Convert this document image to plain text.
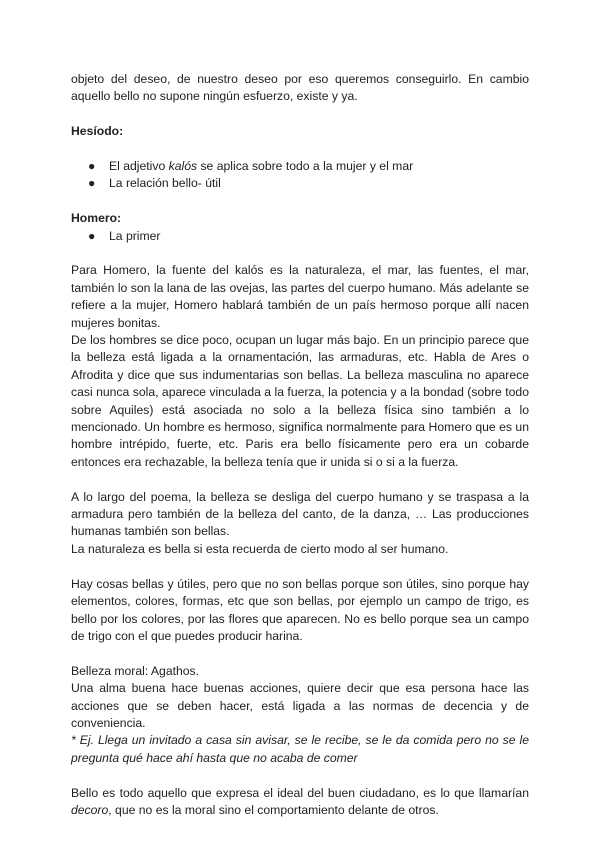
objeto del deseo, de nuestro deseo por eso queremos conseguirlo. En cambio

aquello bello no supone ningún esfuerzo, existe y ya.

Hesíodo:

● El adjetivo kalós se aplica sobre todo a la mujer y el mar
● La relación bello- útil

Homero:

● La primer

Para Homero, la fuente del kalós es la naturaleza, el mar, las fuentes, el mar, también lo son la lana de las ovejas, las partes del cuerpo humano. Más adelante se refiere a la mujer, Homero hablará también de un país hermoso porque allí nacen mujeres bonitas.

De los hombres se dice poco, ocupan un lugar más bajo. En un principio parece que la belleza está ligada a la ornamentación, las armaduras, etc. Habla de Ares o Afrodita y dice que sus indumentarias son bellas. La belleza masculina no aparece casi nunca sola, aparece vinculada a la fuerza, la potencia y a la bondad (sobre todo sobre Aquiles) está asociada no solo a la belleza física sino también a lo mencionado. Un hombre es hermoso, significa normalmente para Homero que es un hombre intrépido, fuerte, etc. Paris era bello físicamente pero era un cobarde entonces era rechazable, la belleza tenía que ir unida si o si a la fuerza.

A lo largo del poema, la belleza se desliga del cuerpo humano y se traspasa a la armadura pero también de la belleza del canto, de la danza, … Las producciones humanas también son bellas.

La naturaleza es bella si esta recuerda de cierto modo al ser humano.

Hay cosas bellas y útiles, pero que no son bellas porque son útiles, sino porque hay elementos, colores, formas, etc que son bellas, por ejemplo un campo de trigo, es bello por los colores, por las flores que aparecen. No es bello porque sea un campo de trigo con el que puedes producir harina.

Belleza moral: Agathos.

Una alma buena hace buenas acciones, quiere decir que esa persona hace las acciones que se deben hacer, está ligada a las normas de decencia y de conveniencia.

* Ej. Llega un invitado a casa sin avisar, se le recibe, se le da comida pero no se le pregunta qué hace ahí hasta que no acaba de comer

Bello es todo aquello que expresa el ideal del buen ciudadano, es lo que llamarían decoro, que no es la moral sino el comportamiento delante de otros.
